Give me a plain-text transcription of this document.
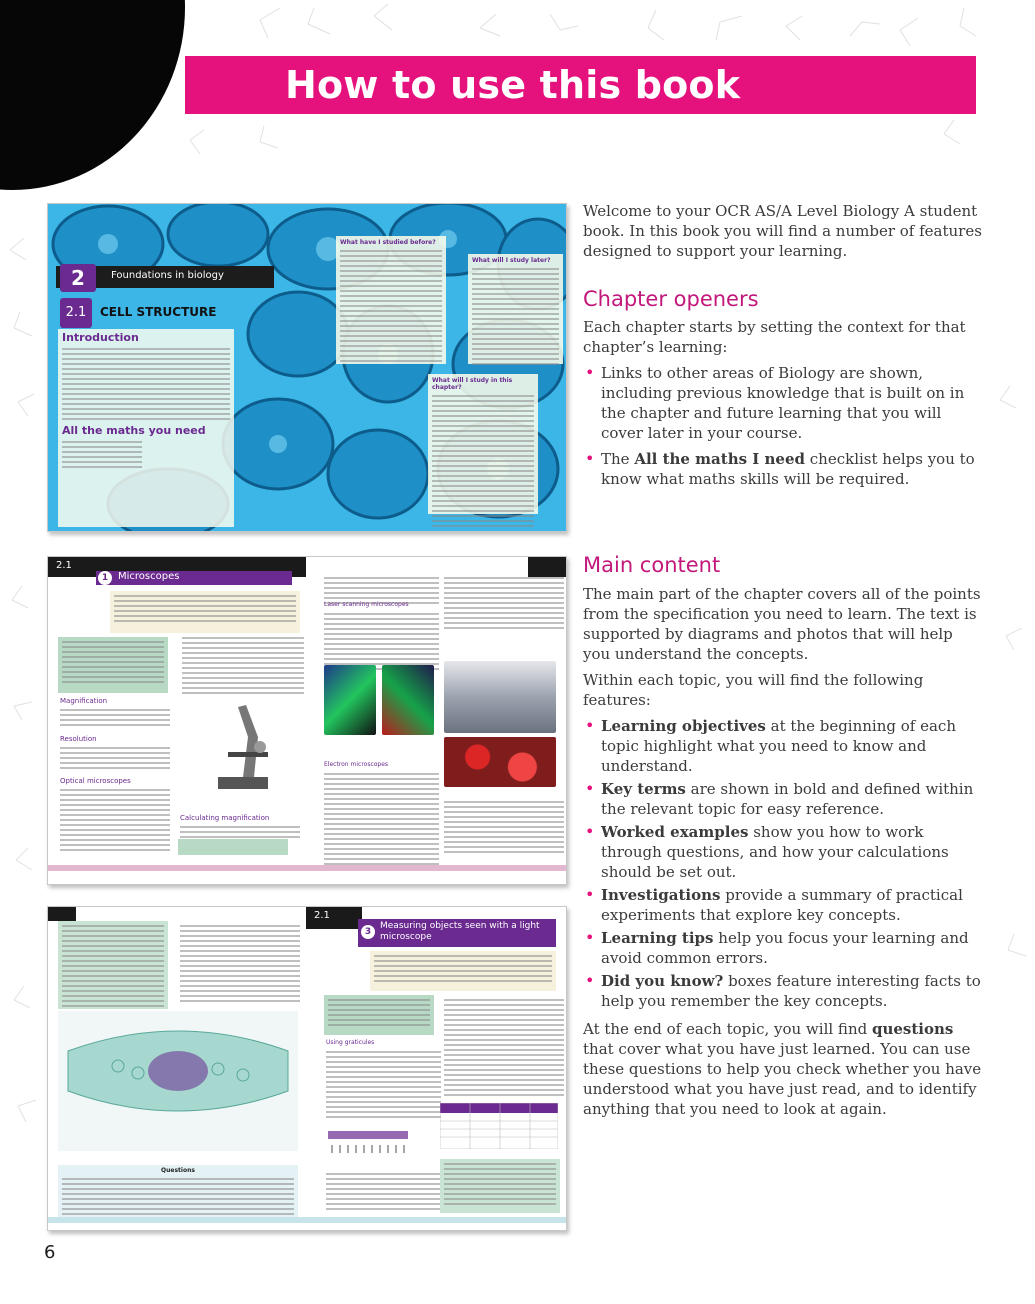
How to use this book
Foundations in biology
2
2.1	CELL STRUCTURE
Introduction
All the maths you need
What have I studied before?
What will I study later?
What will I study in this chapter?
2.1
Microscopes
1
Magnification
Resolution
Optical microscopes
Calculating magnification
Laser scanning microscopes
Electron microscopes
Questions
2.1
Measuring objects seen with a light microscope
3
Using graticules

Welcome to your OCR AS/A Level Biology A student book. In this book you will find a number of features designed to support your learning.

Chapter openers

Each chapter starts by setting the context for that chapter’s learning:

• Links to other areas of Biology are shown, including previous knowledge that is built on in the chapter and future learning that you will cover later in your course.
• The All the maths I need checklist helps you to know what maths skills will be required.
Main content

The main part of the chapter covers all of the points from the specification you need to learn. The text is supported by diagrams and photos that will help you understand the concepts.

Within each topic, you will find the following features:

• Learning objectives at the beginning of each topic highlight what you need to know and understand.
• Key terms are shown in bold and defined within the relevant topic for easy reference.
• Worked examples show you how to work through questions, and how your calculations should be set out.
• Investigations provide a summary of practical experiments that explore key concepts.
• Learning tips help you focus your learning and avoid common errors.
• Did you know? boxes feature interesting facts to help you remember the key concepts.

At the end of each topic, you will find questions that cover what you have just learned. You can use these questions to help you check whether you have understood what you have just read, and to identify anything that you need to look at again.

6
